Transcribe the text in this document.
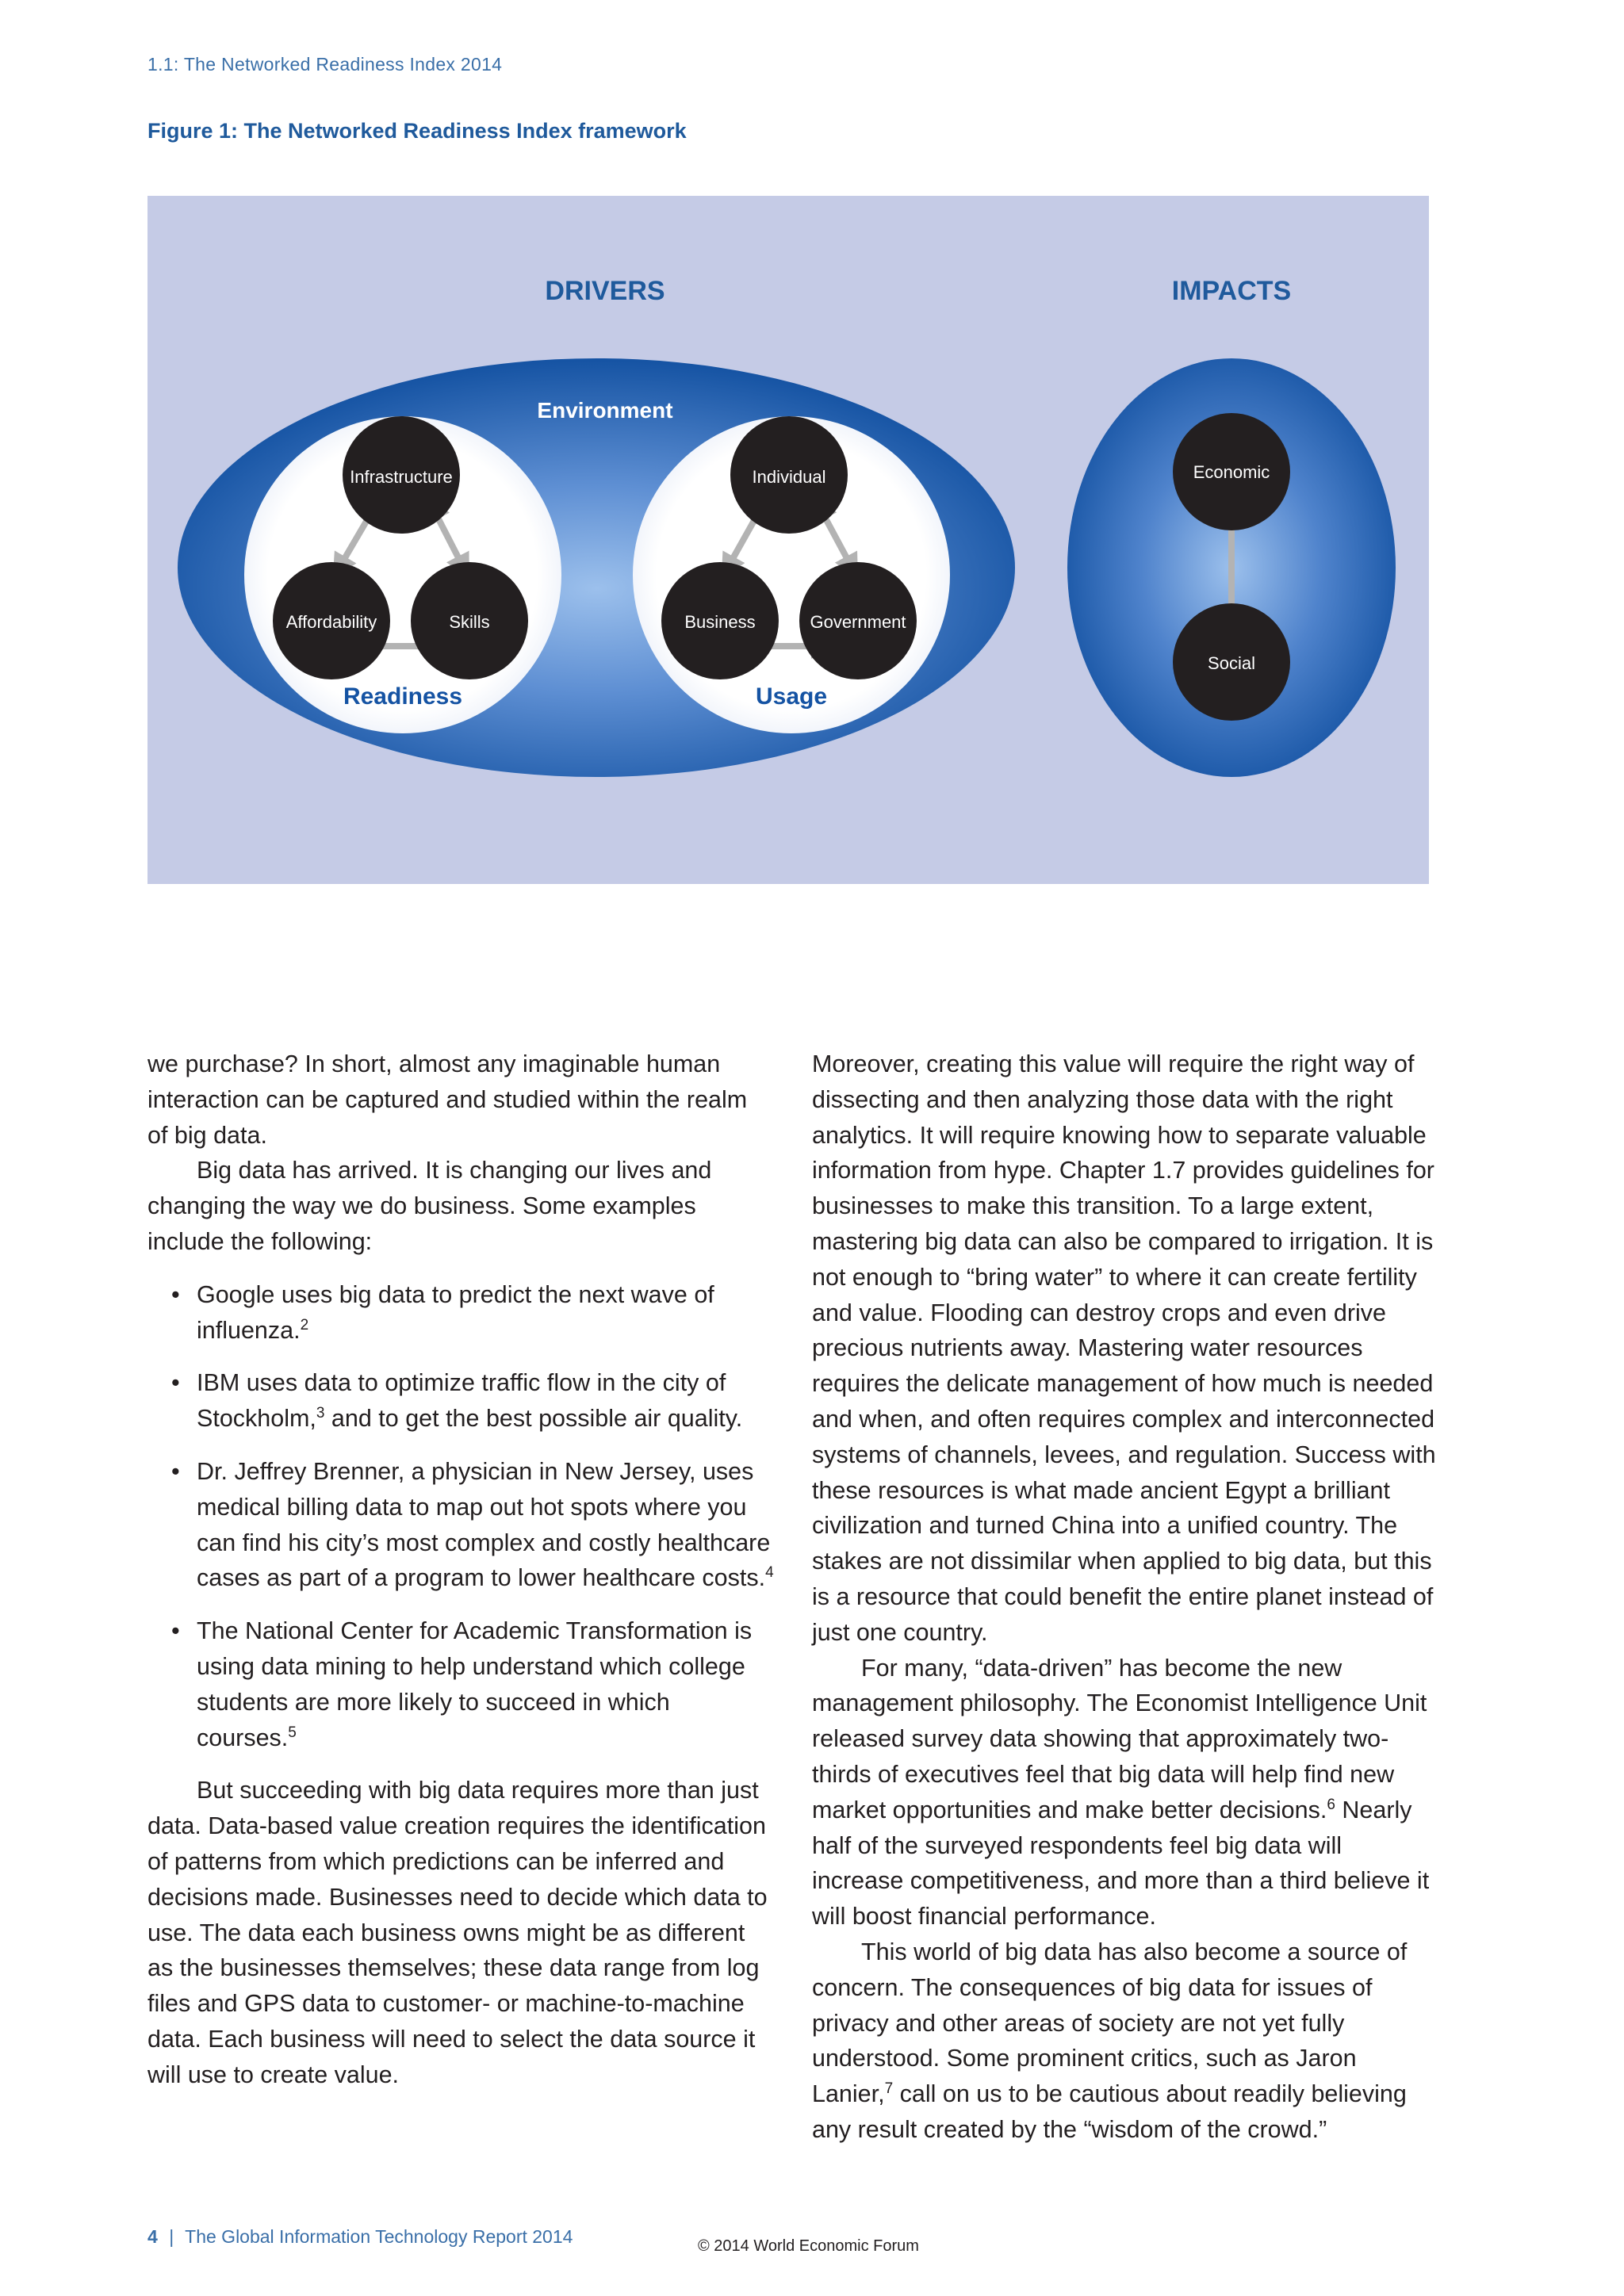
1.1: The Networked Readiness Index 2014
Figure 1: The Networked Readiness Index framework
DRIVERS	IMPACTS
Environment
Infrastructure
Affordability	Skills
Individual
Business	Government
Economic
Social
Readiness	Usage

we purchase? In short, almost any imaginable human interaction can be captured and studied within the realm of big data.

Big data has arrived. It is changing our lives and changing the way we do business. Some examples include the following:

• Google uses big data to predict the next wave of influenza.$^2$
• IBM uses data to optimize traffic flow in the city of Stockholm,$^3$ and to get the best possible air quality.
• Dr. Jeffrey Brenner, a physician in New Jersey, uses medical billing data to map out hot spots where you can find his city’s most complex and costly healthcare cases as part of a program to lower healthcare costs.$^4$
• The National Center for Academic Transformation is using data mining to help understand which college students are more likely to succeed in which courses.$^5$

But succeeding with big data requires more than just data. Data-based value creation requires the identification of patterns from which predictions can be inferred and decisions made. Businesses need to decide which data to use. The data each business owns might be as different as the businesses themselves; these data range from log files and GPS data to customer- or machine-to-machine data. Each business will need to select the data source it will use to create value.

Moreover, creating this value will require the right way of dissecting and then analyzing those data with the right analytics. It will require knowing how to separate valuable information from hype. Chapter 1.7 provides guidelines for businesses to make this transition. To a large extent, mastering big data can also be compared to irrigation. It is not enough to “bring water” to where it can create fertility and value. Flooding can destroy crops and even drive precious nutrients away. Mastering water resources requires the delicate management of how much is needed and when, and often requires complex and interconnected systems of channels, levees, and regulation. Success with these resources is what made ancient Egypt a brilliant civilization and turned China into a unified country. The stakes are not dissimilar when applied to big data, but this is a resource that could benefit the entire planet instead of just one country.

For many, “data-driven” has become the new management philosophy. The Economist Intelligence Unit released survey data showing that approximately two-thirds of executives feel that big data will help find new market opportunities and make better decisions.$^6$ Nearly half of the surveyed respondents feel big data will increase competitiveness, and more than a third believe it will boost financial performance.

This world of big data has also become a source of concern. The consequences of big data for issues of privacy and other areas of society are not yet fully understood. Some prominent critics, such as Jaron Lanier,$^7$ call on us to be cautious about readily believing any result created by the “wisdom of the crowd.”

4 | The Global Information Technology Report 2014	© 2014 World Economic Forum
